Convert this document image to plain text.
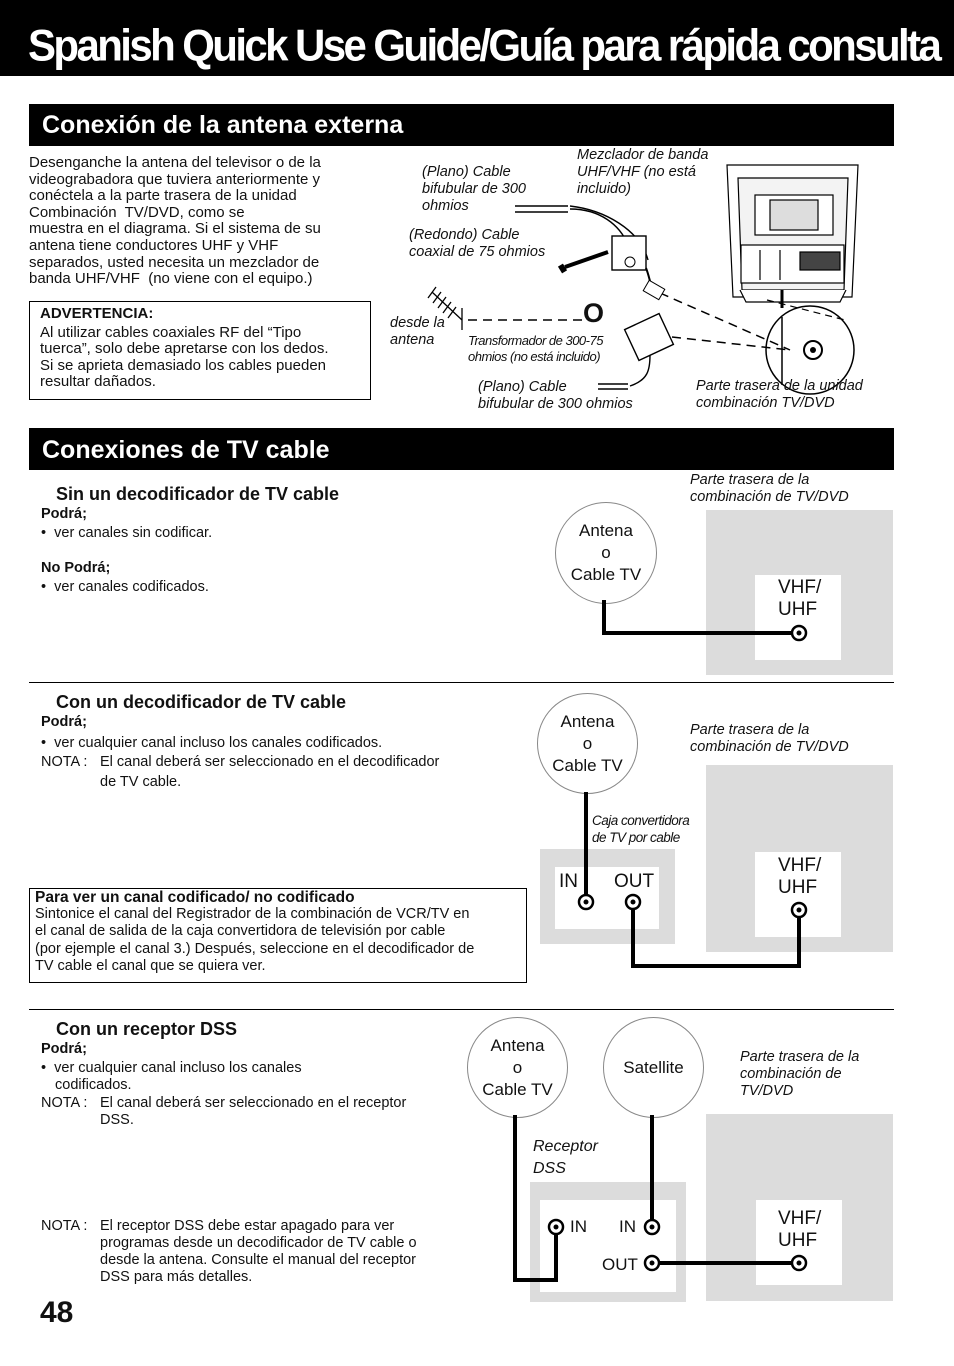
Spanish Quick Use Guide/Guía para rápida consulta
Conexión de la antena externa
Desenganche la antena del televisor o de la
videograbadora que tuviera anteriormente y
conéctela a la parte trasera de la unidad
Combinación  TV/DVD, como se
muestra en el diagrama. Si el sistema de su
antena tiene conductores UHF y VHF
separados, usted necesita un mezclador de
banda UHF/VHF  (no viene con el equipo.)
ADVERTENCIA:
Al utilizar cables coaxiales RF del “Tipo
tuerca”, solo debe apretarse con los dedos.
Si se aprieta demasiado los cables pueden
resultar dañados.
(Plano) Cable
bifubular de 300
ohmios
Mezclador de banda
UHF/VHF (no está
incluido)
(Redondo) Cable
coaxial de 75 ohmios
desde la
antena
O
Transformador de 300-75
ohmios (no está incluido)
(Plano) Cable
bifubular de 300 ohmios
Parte trasera de la unidad
combinación TV/DVD
Conexiones de TV cable
Sin un decodificador de TV cable
Podrá;
•  ver canales sin codificar.
No Podrá;
•  ver canales codificados.
Parte trasera de la
combinación de TV/DVD
VHF/
UHF
Antena
o
Cable TV
Con un decodificador de TV cable
Podrá;
•  ver cualquier canal incluso los canales codificados.
NOTA : El canal deberá ser seleccionado en el decodificador
de TV cable.
Parte trasera de la
combinación de TV/DVD
VHF/
UHF
IN OUT
Caja convertidora
de TV por cable
Antena
o
Cable TV
Para ver un canal codificado/ no codificado
Sintonice el canal del Registrador de la combinación de VCR/TV en
el canal de salida de la caja convertidora de televisión por cable
(por ejemple el canal 3.) Después, seleccione en el decodificador de
TV cable el canal que se quiera ver.
Con un receptor DSS
Podrá;
•  ver cualquier canal incluso los canales
codificados.
NOTA : El canal deberá ser seleccionado en el receptor
DSS.
NOTA : El receptor DSS debe estar apagado para ver
programas desde un decodificador de TV cable o
desde la antena. Consulte el manual del receptor
DSS para más detalles.
Parte trasera de la
combinación de
TV/DVD
VHF/
UHF
Receptor
DSS
IN IN
OUT
Antena
o
Cable TV
Satellite
48
